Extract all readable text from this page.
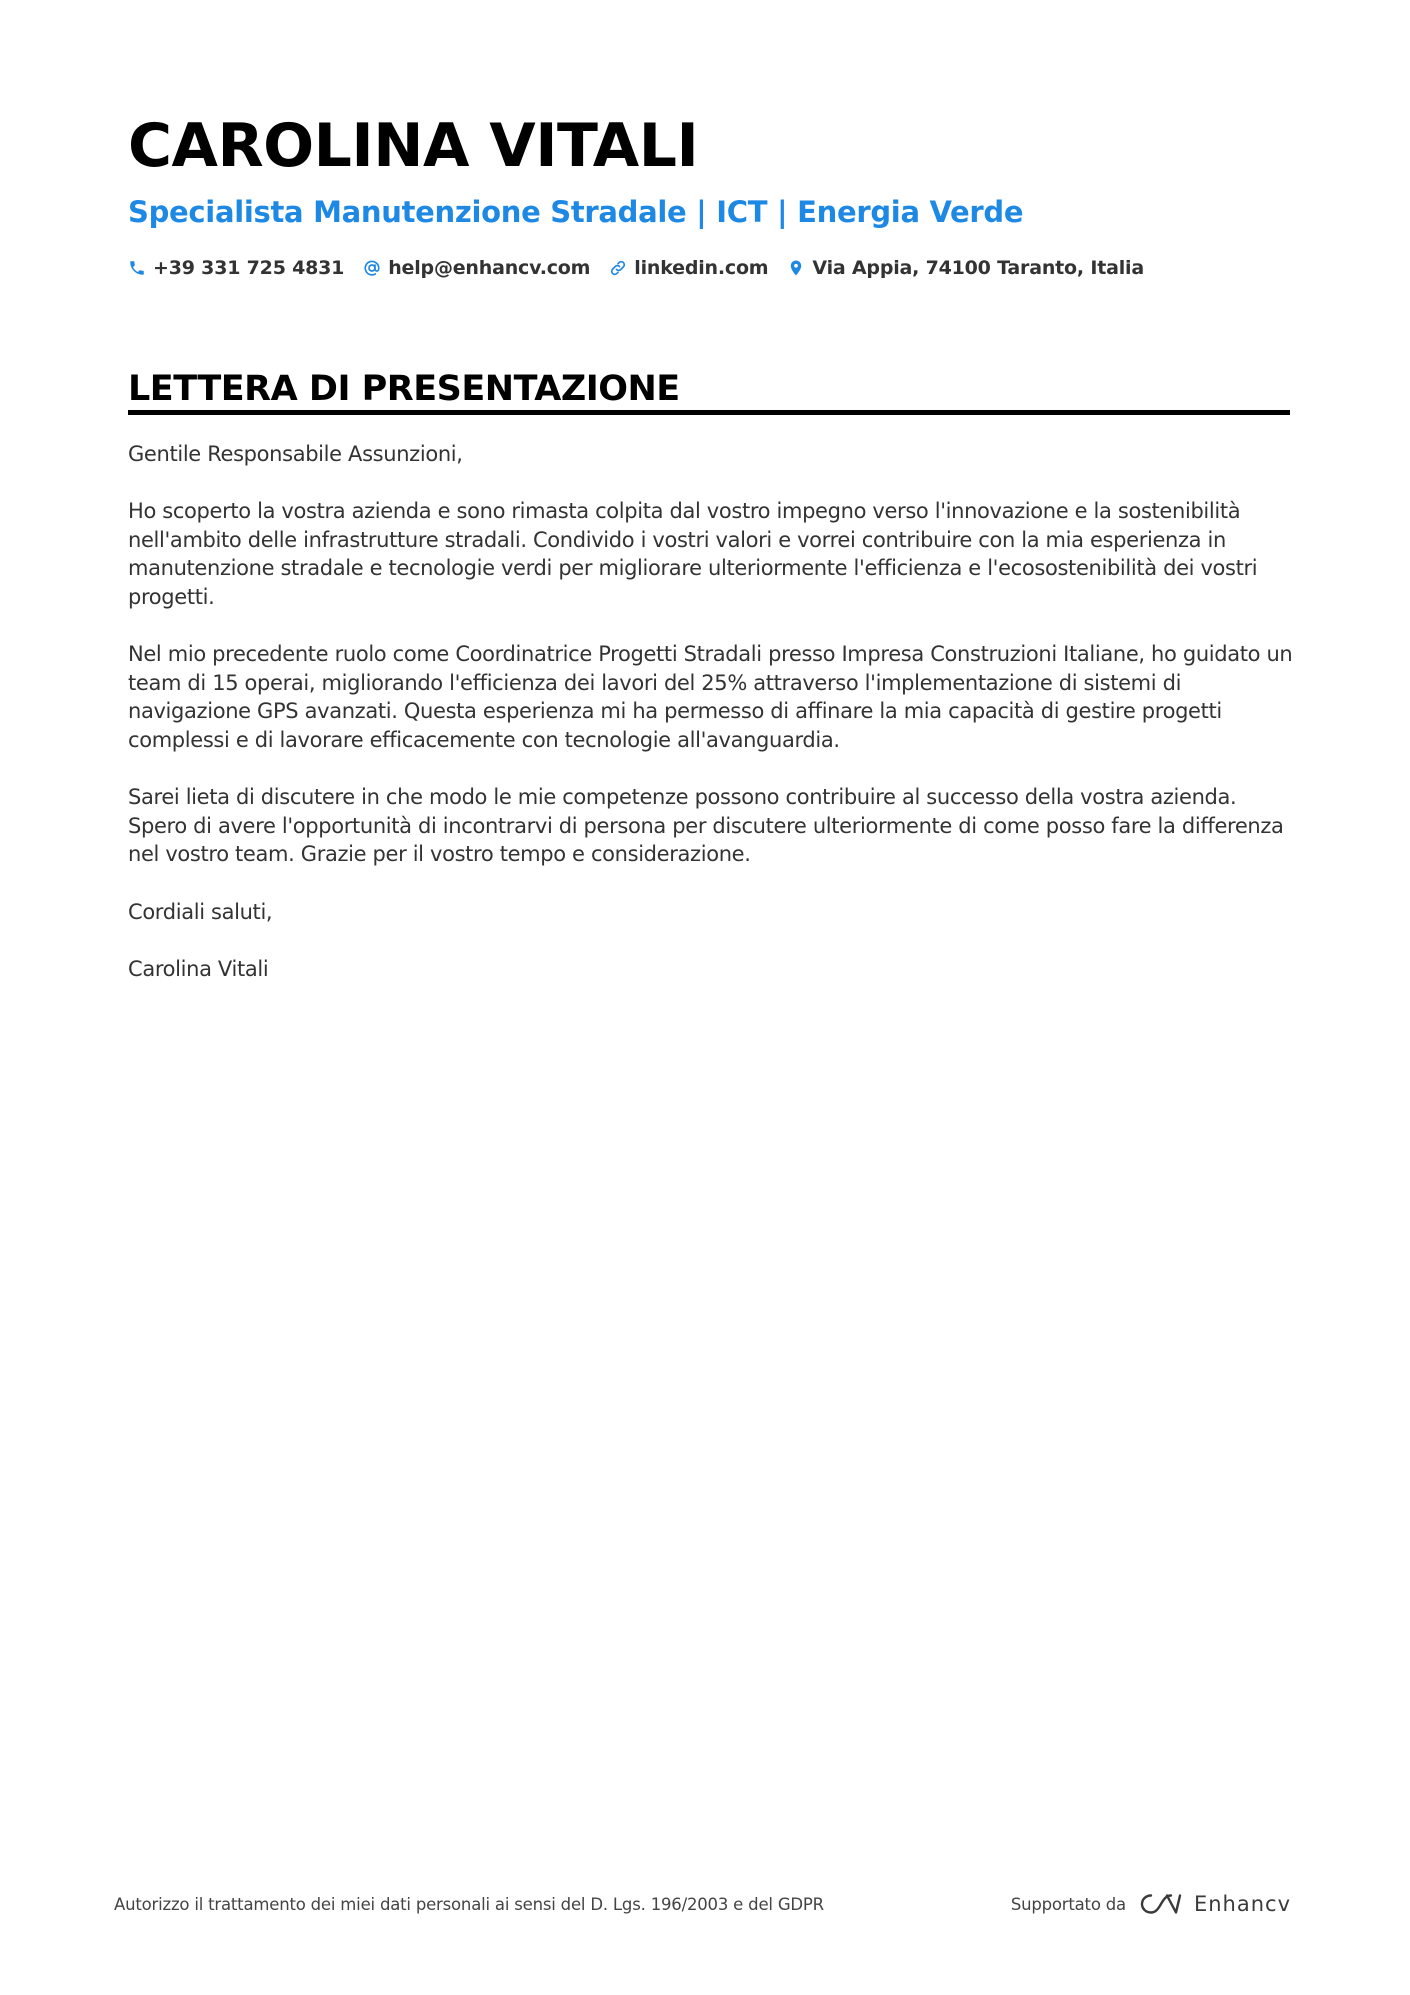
CAROLINA VITALI
Specialista Manutenzione Stradale | ICT | Energia Verde
+39 331 725 4831 help@enhancv.com linkedin.com Via Appia, 74100 Taranto, Italia
LETTERA DI PRESENTAZIONE

Gentile Responsabile Assunzioni,

Ho scoperto la vostra azienda e sono rimasta colpita dal vostro impegno verso l'innovazione e la sostenibilità nell'ambito delle infrastrutture stradali. Condivido i vostri valori e vorrei contribuire con la mia esperienza in manutenzione stradale e tecnologie verdi per migliorare ulteriormente l'efficienza e l'ecosostenibilità dei vostri progetti.

Nel mio precedente ruolo come Coordinatrice Progetti Stradali presso Impresa Construzioni Italiane, ho guidato un team di 15 operai, migliorando l'efficienza dei lavori del 25% attraverso l'implementazione di sistemi di navigazione GPS avanzati. Questa esperienza mi ha permesso di affinare la mia capacità di gestire progetti complessi e di lavorare efficacemente con tecnologie all'avanguardia.

Sarei lieta di discutere in che modo le mie competenze possono contribuire al successo della vostra azienda. Spero di avere l'opportunità di incontrarvi di persona per discutere ulteriormente di come posso fare la differenza nel vostro team. Grazie per il vostro tempo e considerazione.

Cordiali saluti,

Carolina Vitali

Autorizzo il trattamento dei miei dati personali ai sensi del D. Lgs. 196/2003 e del GDPR	Supportato da	Enhancv
